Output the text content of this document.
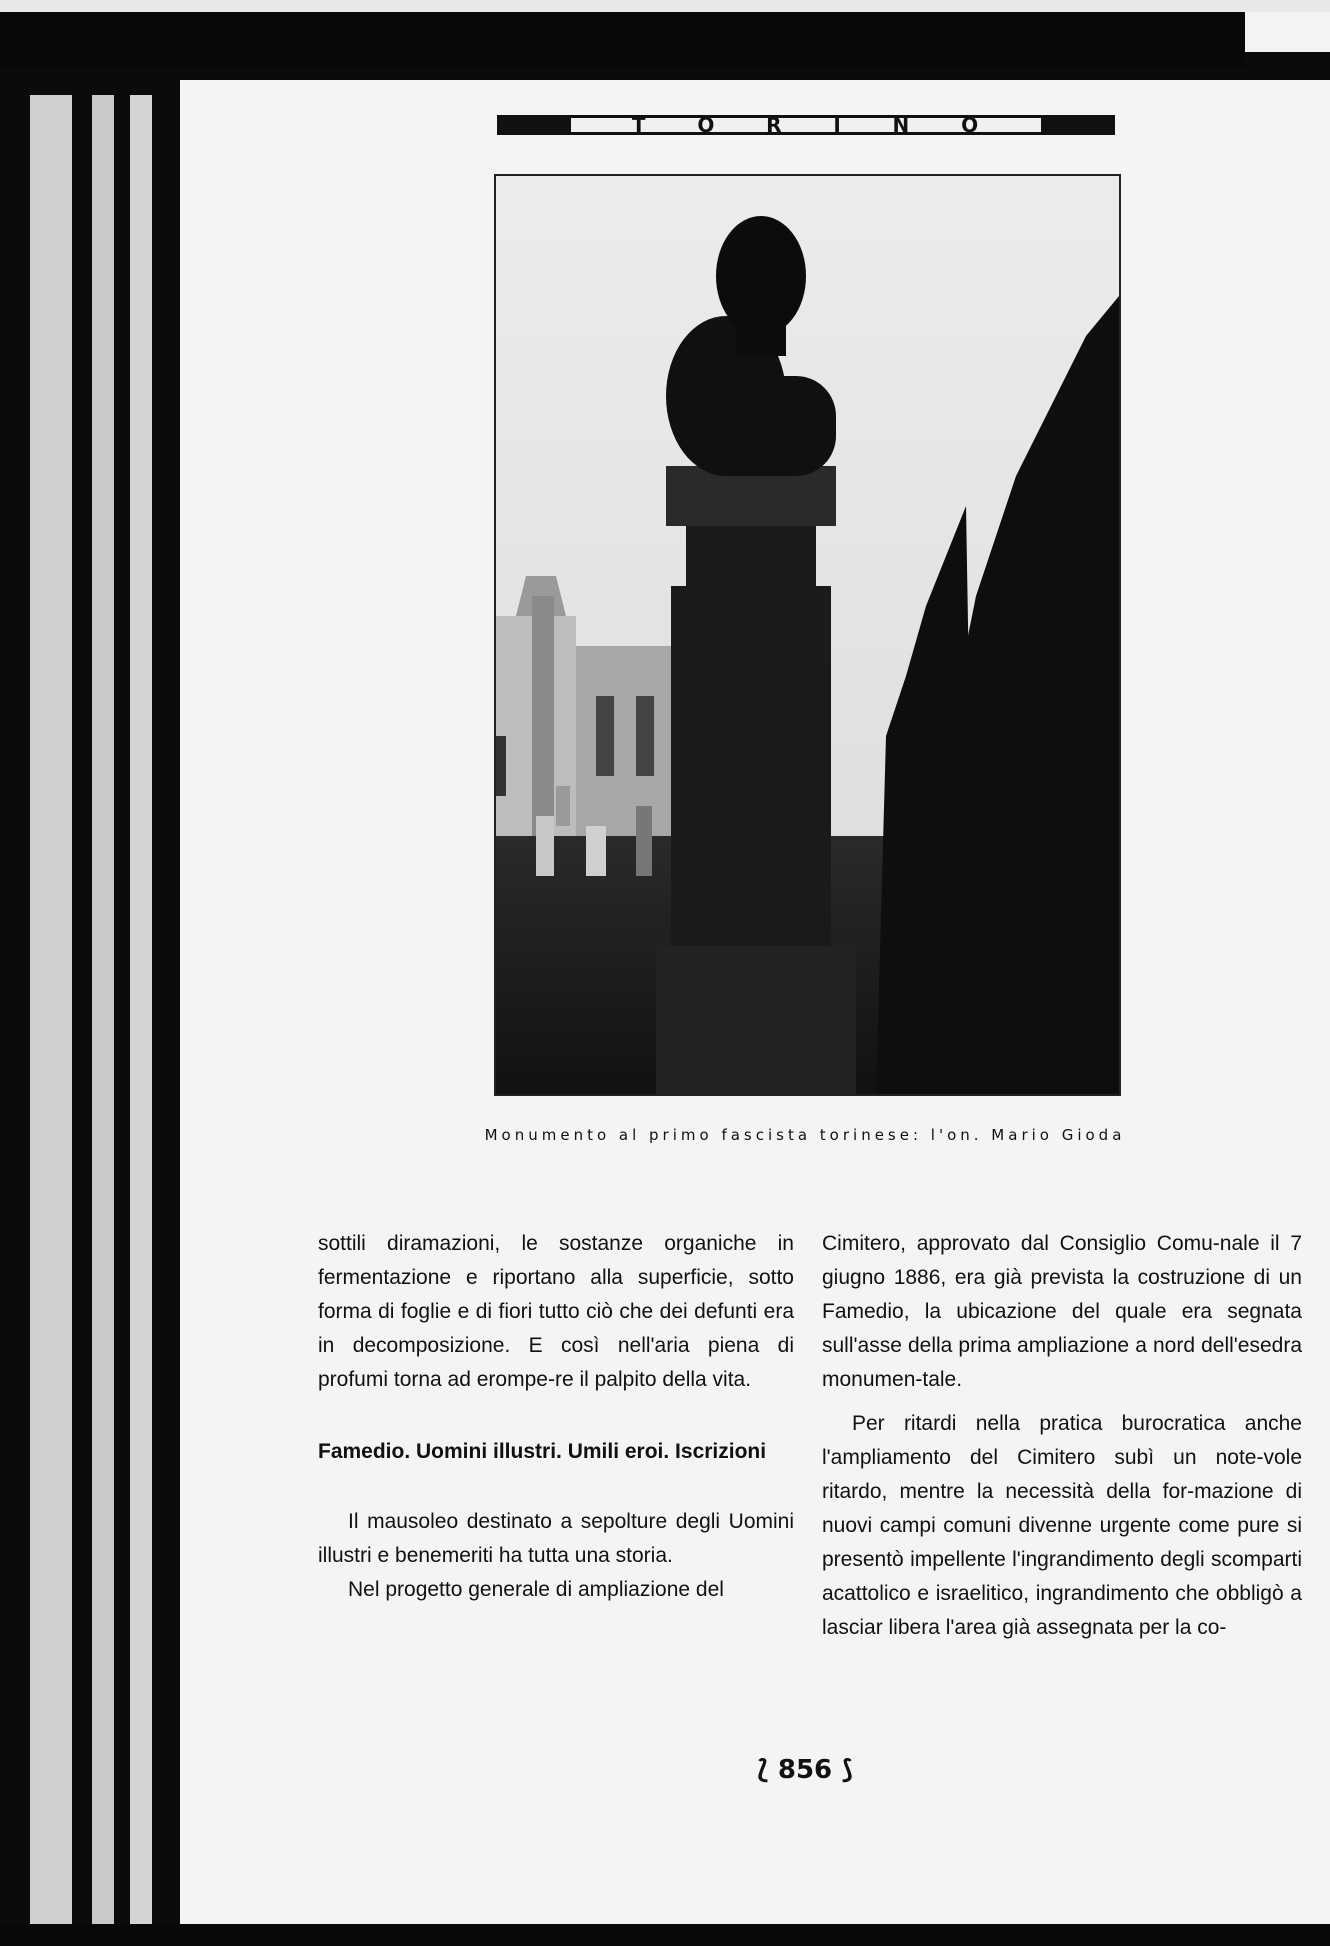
T O R I N O
Monumento al primo fascista torinese: l'on. Mario Gioda

sottili diramazioni, le sostanze organiche in fermentazione e riportano alla superficie, sotto forma di foglie e di fiori tutto ciò che dei defunti era in decomposizione. E così nell'aria piena di profumi torna ad erompe-re il palpito della vita.

Famedio. Uomini illustri. Umili eroi. Iscrizioni

Il mausoleo destinato a sepolture degli Uomini illustri e benemeriti ha tutta una storia.

Nel progetto generale di ampliazione del

Cimitero, approvato dal Consiglio Comu-nale il 7 giugno 1886, era già prevista la costruzione di un Famedio, la ubicazione del quale era segnata sull'asse della prima ampliazione a nord dell'esedra monumen-tale.

Per ritardi nella pratica burocratica anche l'ampliamento del Cimitero subì un note-vole ritardo, mentre la necessità della for-mazione di nuovi campi comuni divenne urgente come pure si presentò impellente l'ingrandimento degli scomparti acattolico e israelitico, ingrandimento che obbligò a lasciar libera l'area già assegnata per la co-

⟅ 856 ⟆
